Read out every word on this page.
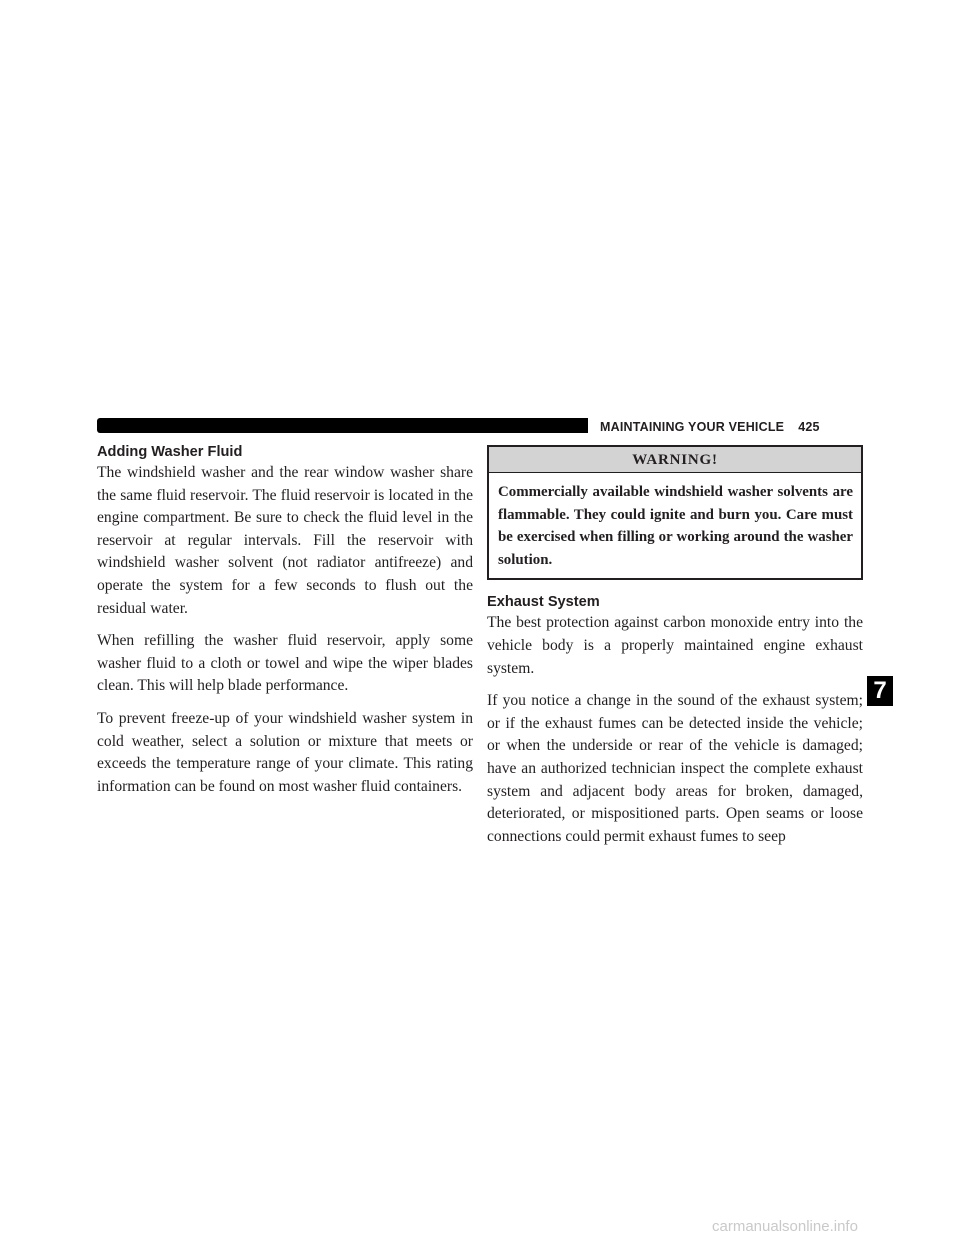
MAINTAINING YOUR VEHICLE 425
Adding Washer Fluid

The windshield washer and the rear window washer share the same fluid reservoir. The fluid reservoir is located in the engine compartment. Be sure to check the fluid level in the reservoir at regular intervals. Fill the reservoir with windshield washer solvent (not radiator antifreeze) and operate the system for a few seconds to flush out the residual water.

When refilling the washer fluid reservoir, apply some washer fluid to a cloth or towel and wipe the wiper blades clean. This will help blade performance.

To prevent freeze-up of your windshield washer system in cold weather, select a solution or mixture that meets or exceeds the temperature range of your climate. This rating information can be found on most washer fluid containers.

WARNING!
Commercially available windshield washer solvents are flammable. They could ignite and burn you. Care must be exercised when filling or working around the washer solution.
Exhaust System

The best protection against carbon monoxide entry into the vehicle body is a properly maintained engine exhaust system.

If you notice a change in the sound of the exhaust system; or if the exhaust fumes can be detected inside the vehicle; or when the underside or rear of the vehicle is damaged; have an authorized technician inspect the complete exhaust system and adjacent body areas for broken, damaged, deteriorated, or mispositioned parts. Open seams or loose connections could permit exhaust fumes to seep

7
carmanualsonline.info
